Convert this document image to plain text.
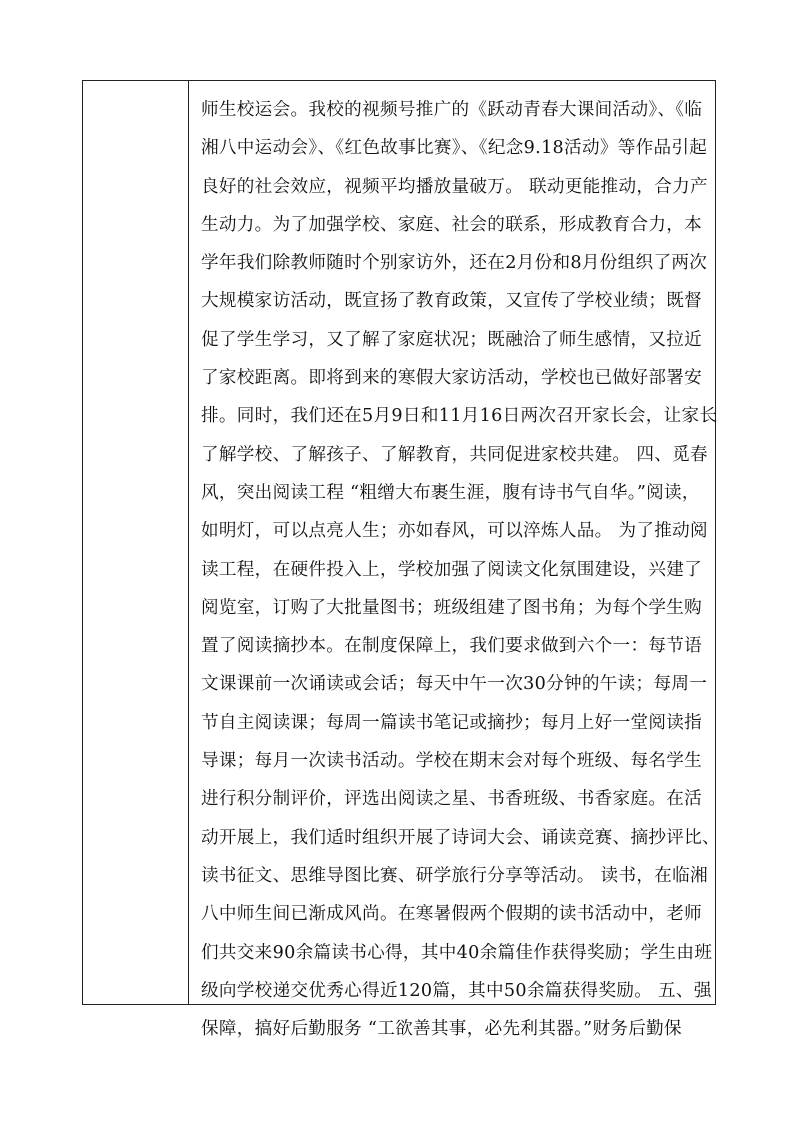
师生校运会。我校的视频号推广的《跃动青春大课间活动》、《临
湘八中运动会》、《红色故事比赛》、《纪念9.18活动》等作品引起
良好的社会效应，视频平均播放量破万。 联动更能推动，合力产
生动力。为了加强学校、家庭、社会的联系，形成教育合力，本
学年我们除教师随时个别家访外，还在2月份和8月份组织了两次
大规模家访活动，既宣扬了教育政策，又宣传了学校业绩；既督
促了学生学习，又了解了家庭状况；既融洽了师生感情，又拉近
了家校距离。即将到来的寒假大家访活动，学校也已做好部署安
排。同时，我们还在5月9日和11月16日两次召开家长会，让家长
了解学校、了解孩子、了解教育，共同促进家校共建。 四、觅春
风，突出阅读工程 “粗缯大布裹生涯，腹有诗书气自华。”阅读，
如明灯，可以点亮人生；亦如春风，可以淬炼人品。 为了推动阅
读工程，在硬件投入上，学校加强了阅读文化氛围建设，兴建了
阅览室，订购了大批量图书；班级组建了图书角；为每个学生购
置了阅读摘抄本。在制度保障上，我们要求做到六个一：每节语
文课课前一次诵读或会话；每天中午一次30分钟的午读；每周一
节自主阅读课；每周一篇读书笔记或摘抄；每月上好一堂阅读指
导课；每月一次读书活动。学校在期末会对每个班级、每名学生
进行积分制评价，评选出阅读之星、书香班级、书香家庭。在活
动开展上，我们适时组织开展了诗词大会、诵读竞赛、摘抄评比、
读书征文、思维导图比赛、研学旅行分享等活动。 读书，在临湘
八中师生间已渐成风尚。在寒暑假两个假期的读书活动中，老师
们共交来90余篇读书心得，其中40余篇佳作获得奖励；学生由班
级向学校递交优秀心得近120篇，其中50余篇获得奖励。 五、强
保障，搞好后勤服务 “工欲善其事，必先利其器。”财务后勤保
